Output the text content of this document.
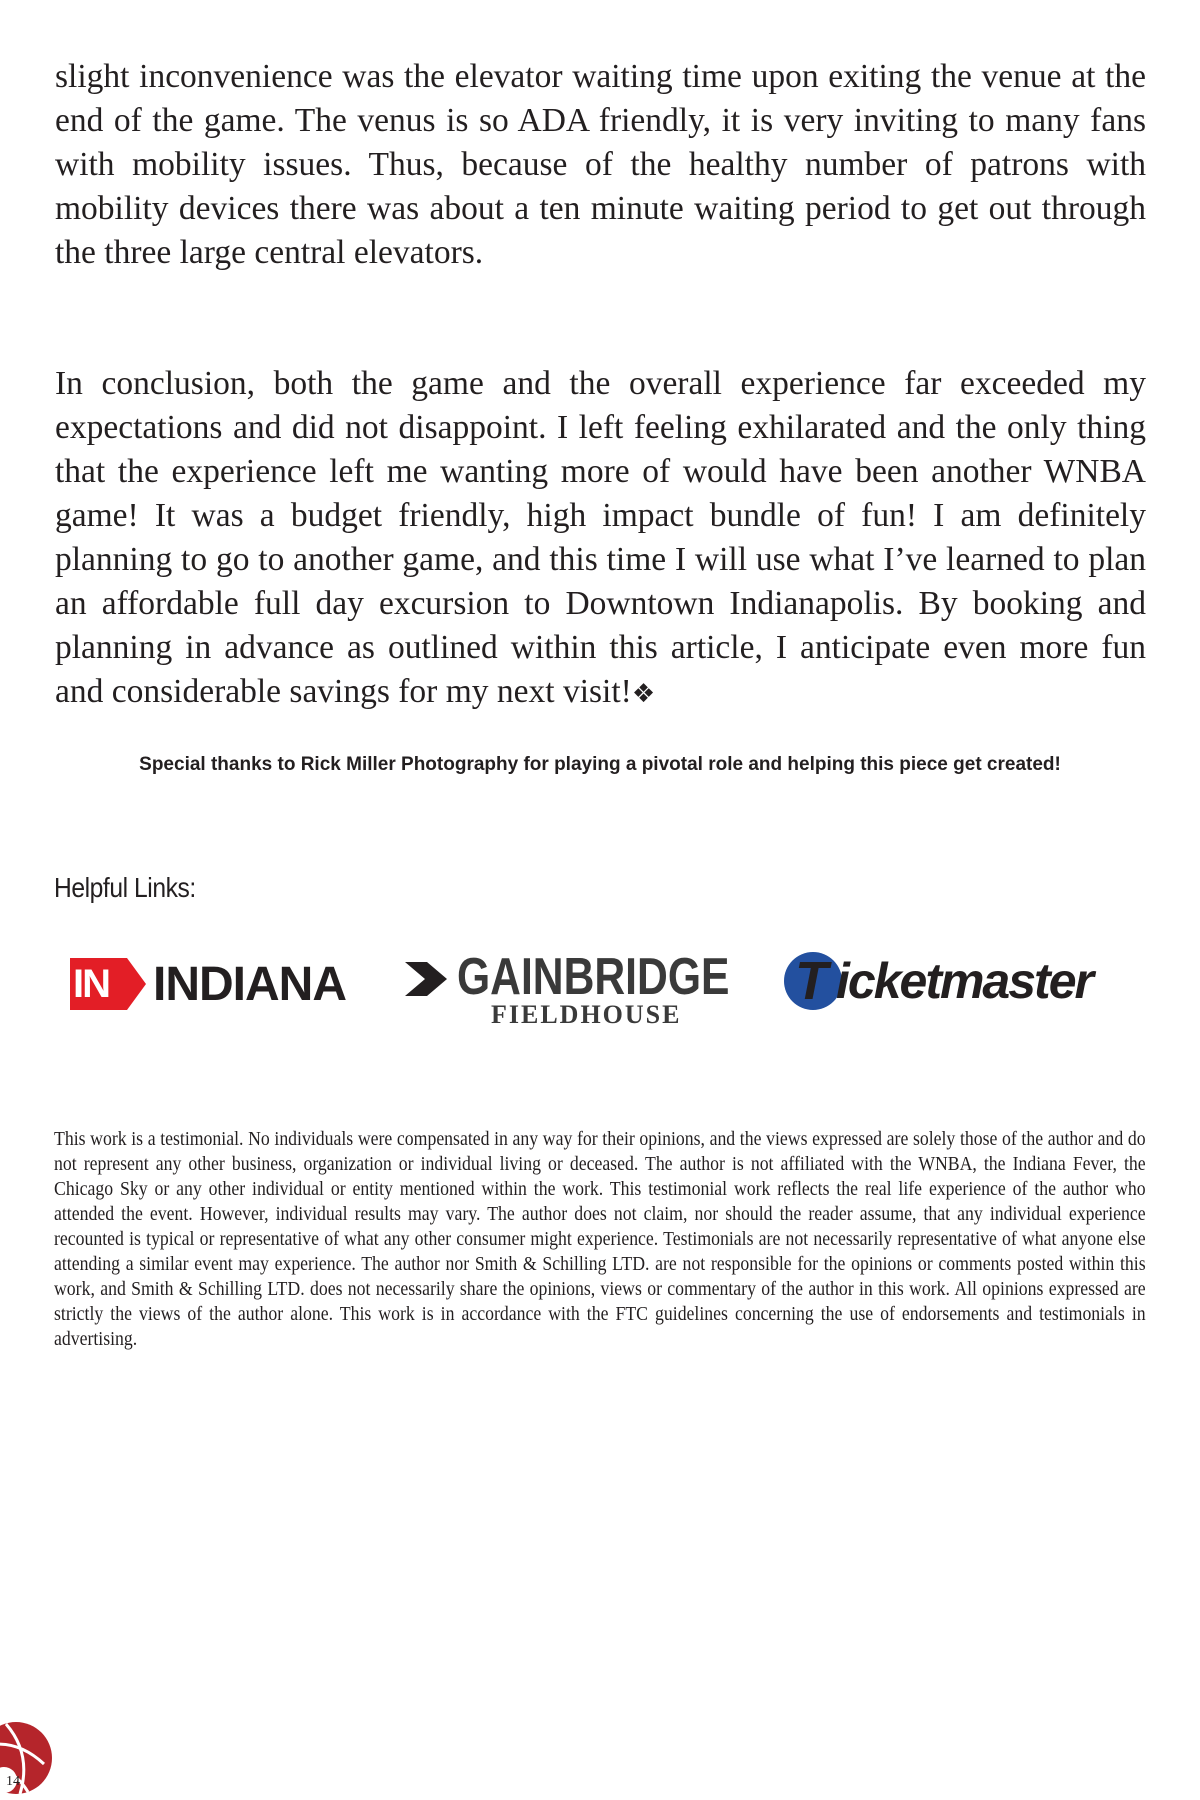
slight inconvenience was the elevator waiting time upon exiting the venue at the end of the game. The venus is so ADA friendly, it is very inviting to many fans with mobility issues. Thus, because of the healthy number of patrons with mobility devices there was about a ten minute waiting period to get out through the three large central elevators.

In conclusion, both the game and the overall experience far exceeded my expectations and did not disappoint. I left feeling exhilarated and the only thing that the experience left me wanting more of would have been another WNBA game! It was a budget friendly, high impact bundle of fun! I am definitely planning to go to another game, and this time I will use what I’ve learned to plan an affordable full day excursion to Downtown Indianapolis. By booking and planning in advance as outlined within this article, I anticipate even more fun and considerable savings for my next visit!❖

Special thanks to Rick Miller Photography for playing a pivotal role and helping this piece get created!
Helpful Links:
IN INDIANA GAINBRIDGE
FIELDHOUSE
T icketmaster

This work is a testimonial. No individuals were compensated in any way for their opinions, and the views expressed are solely those of the author and do not represent any other business, organization or individual living or deceased. The author is not affiliated with the WNBA, the Indiana Fever, the Chicago Sky or any other individual or entity mentioned within the work. This testimonial work reflects the real life experience of the author who attended the event. However, individual results may vary. The author does not claim, nor should the reader assume, that any individual experience recounted is typical or representative of what any other consumer might experience. Testimonials are not necessarily representative of what anyone else attending a similar event may experience. The author nor Smith & Schilling LTD. are not responsible for the opinions or comments posted within this work, and Smith & Schilling LTD. does not necessarily share the opinions, views or commentary of the author in this work. All opinions expressed are strictly the views of the author alone. This work is in accordance with the FTC guidelines concerning the use of endorsements and testimonials in advertising.

14
